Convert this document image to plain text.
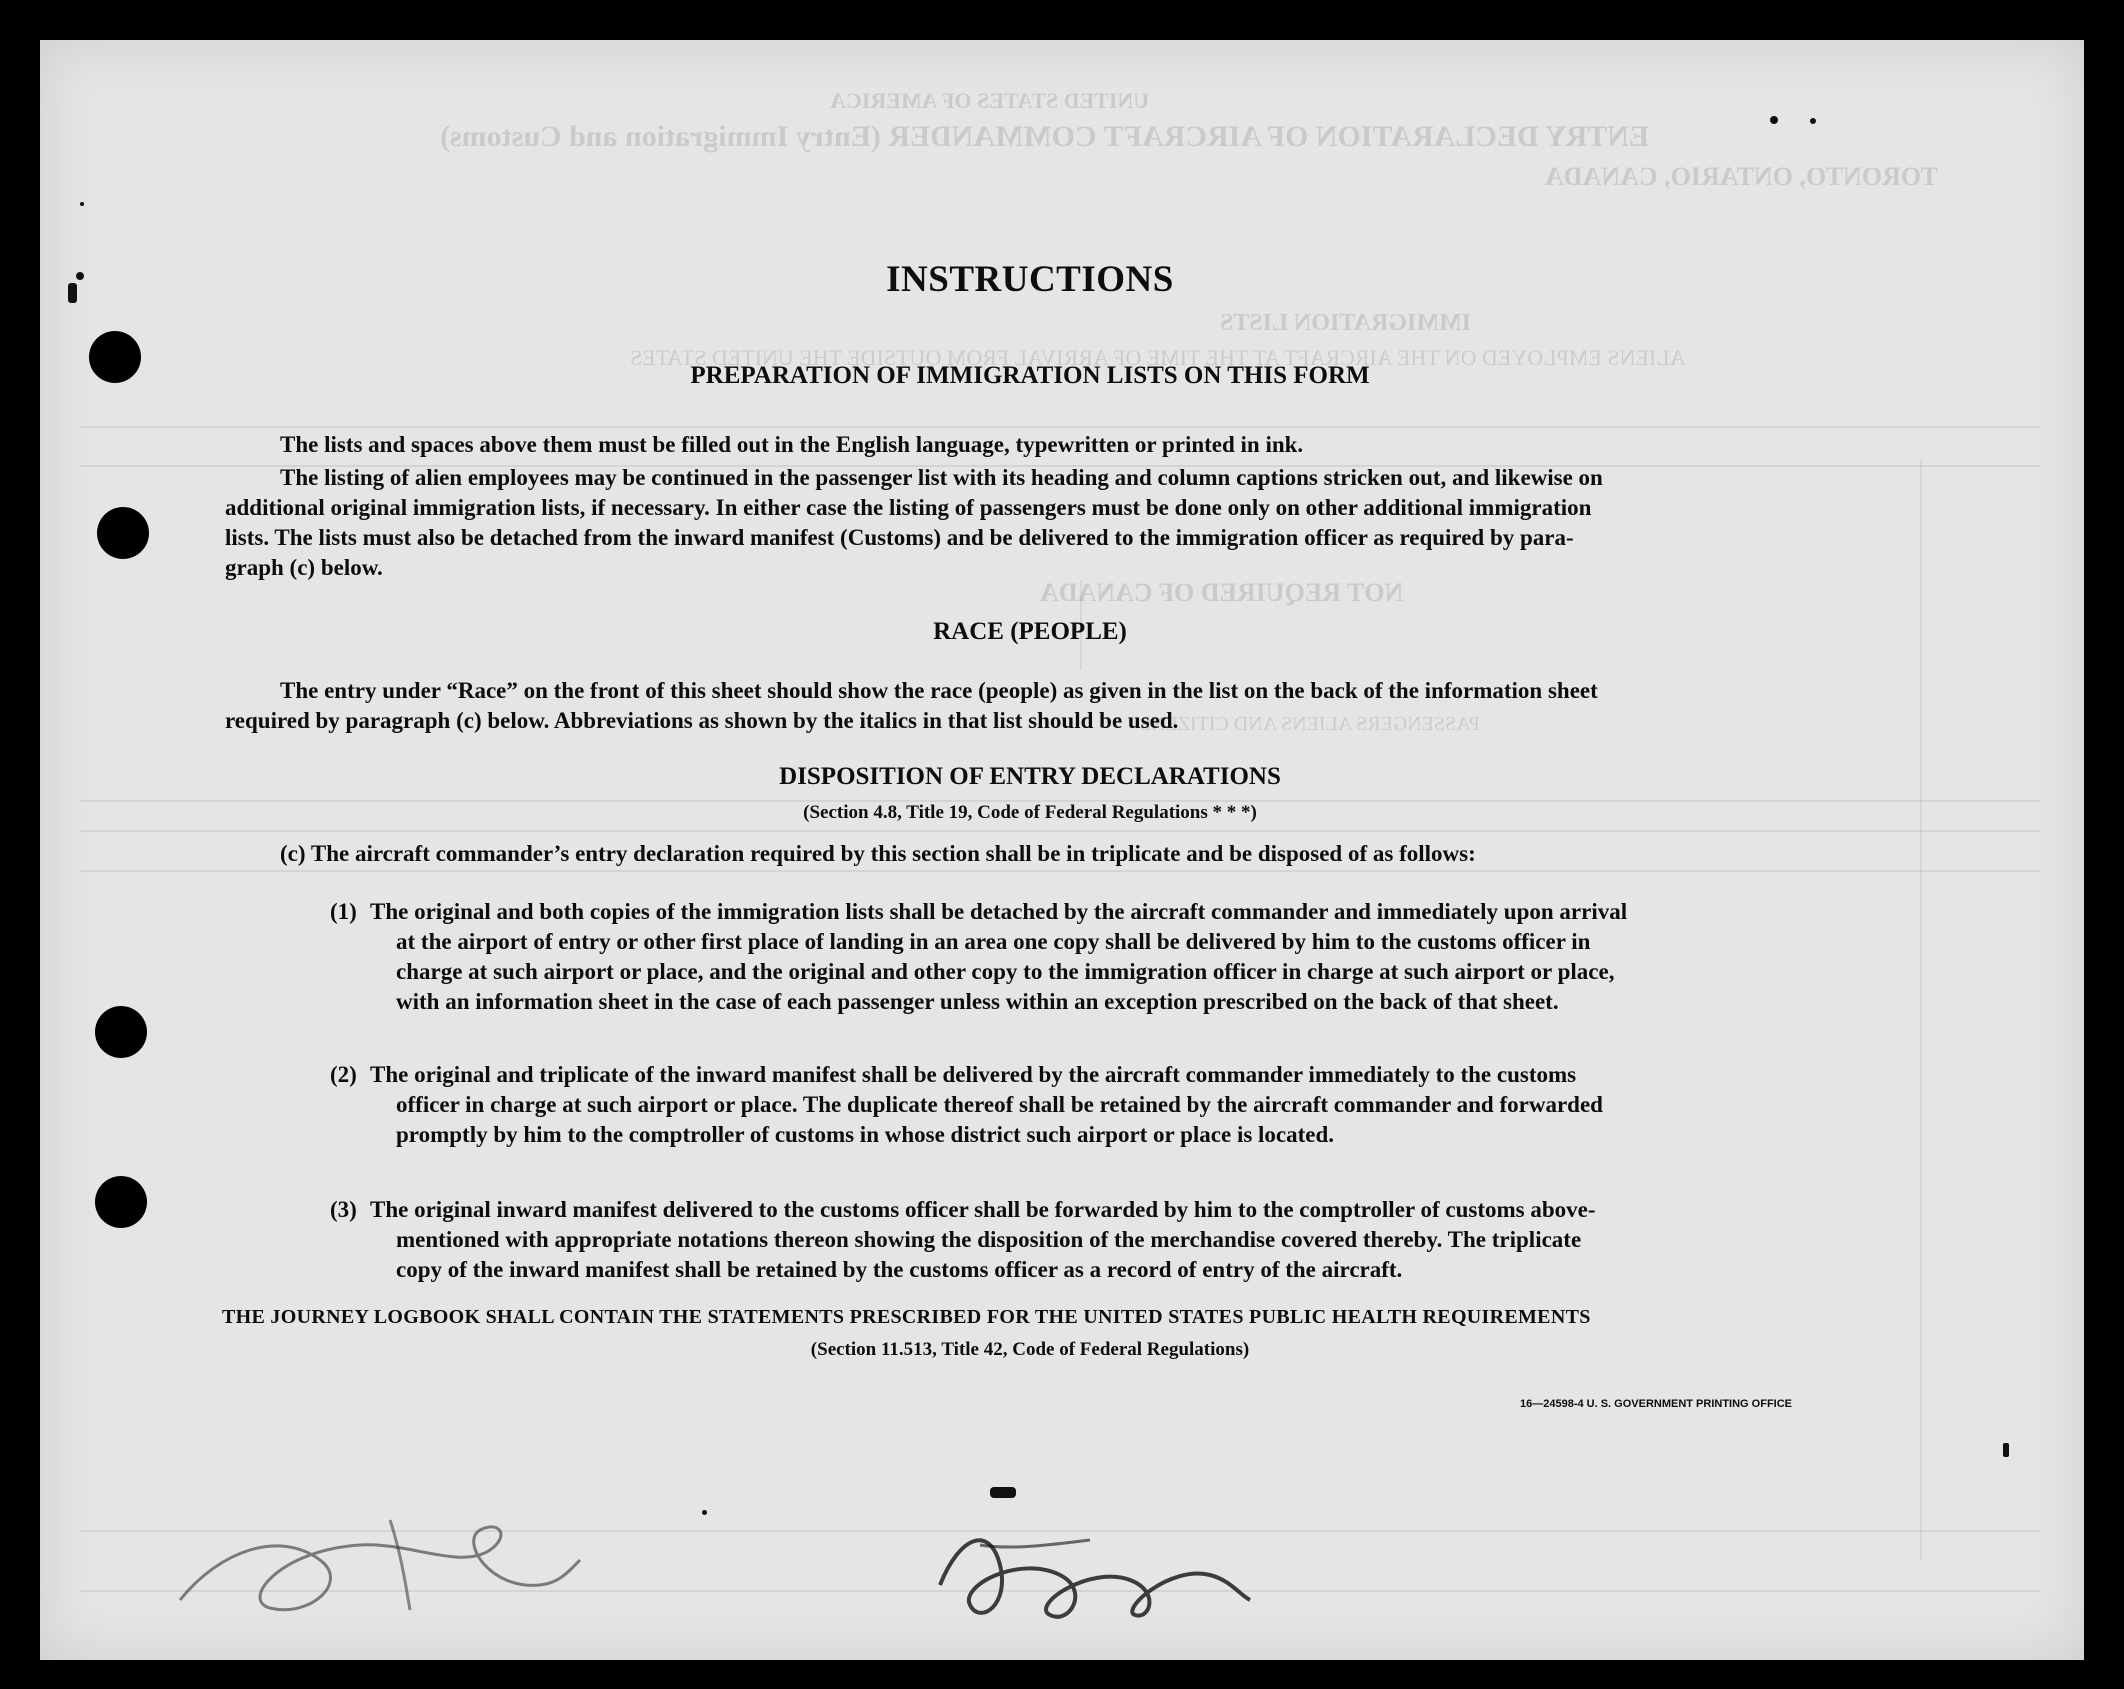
UNITED STATES OF AMERICA
ENTRY DECLARATION OF AIRCRAFT COMMANDER (Entry Immigration and Customs)
TORONTO, ONTARIO, CANADA
IMMIGRATION LISTS
ALIENS EMPLOYED ON THE AIRCRAFT AT THE TIME OF ARRIVAL FROM OUTSIDE THE UNITED STATES
NOT REQUIRED OF CANADA
PASSENGERS ALIENS AND CITIZENS
INSTRUCTIONS
PREPARATION OF IMMIGRATION LISTS ON THIS FORM
The lists and spaces above them must be filled out in the English language, typewritten or printed in ink.
The listing of alien employees may be continued in the passenger list with its heading and column captions stricken out, and likewise on
additional original immigration lists, if necessary. In either case the listing of passengers must be done only on other additional immigration
lists. The lists must also be detached from the inward manifest (Customs) and be delivered to the immigration officer as required by para-
graph (c) below.
RACE (PEOPLE)
The entry under “Race” on the front of this sheet should show the race (people) as given in the list on the back of the information sheet
required by paragraph (c) below. Abbreviations as shown by the italics in that list should be used.
DISPOSITION OF ENTRY DECLARATIONS
(Section 4.8, Title 19, Code of Federal Regulations * * *)
(c) The aircraft commander’s entry declaration required by this section shall be in triplicate and be disposed of as follows:
(1) The original and both copies of the immigration lists shall be detached by the aircraft commander and immediately upon arrival
at the airport of entry or other first place of landing in an area one copy shall be delivered by him to the customs officer in
charge at such airport or place, and the original and other copy to the immigration officer in charge at such airport or place,
with an information sheet in the case of each passenger unless within an exception prescribed on the back of that sheet.
(2) The original and triplicate of the inward manifest shall be delivered by the aircraft commander immediately to the customs
officer in charge at such airport or place. The duplicate thereof shall be retained by the aircraft commander and forwarded
promptly by him to the comptroller of customs in whose district such airport or place is located.
(3) The original inward manifest delivered to the customs officer shall be forwarded by him to the comptroller of customs above-
mentioned with appropriate notations thereon showing the disposition of the merchandise covered thereby. The triplicate
copy of the inward manifest shall be retained by the customs officer as a record of entry of the aircraft.
THE JOURNEY LOGBOOK SHALL CONTAIN THE STATEMENTS PRESCRIBED FOR THE UNITED STATES PUBLIC HEALTH REQUIREMENTS
(Section 11.513, Title 42, Code of Federal Regulations)
16—24598-4 U. S. GOVERNMENT PRINTING OFFICE
